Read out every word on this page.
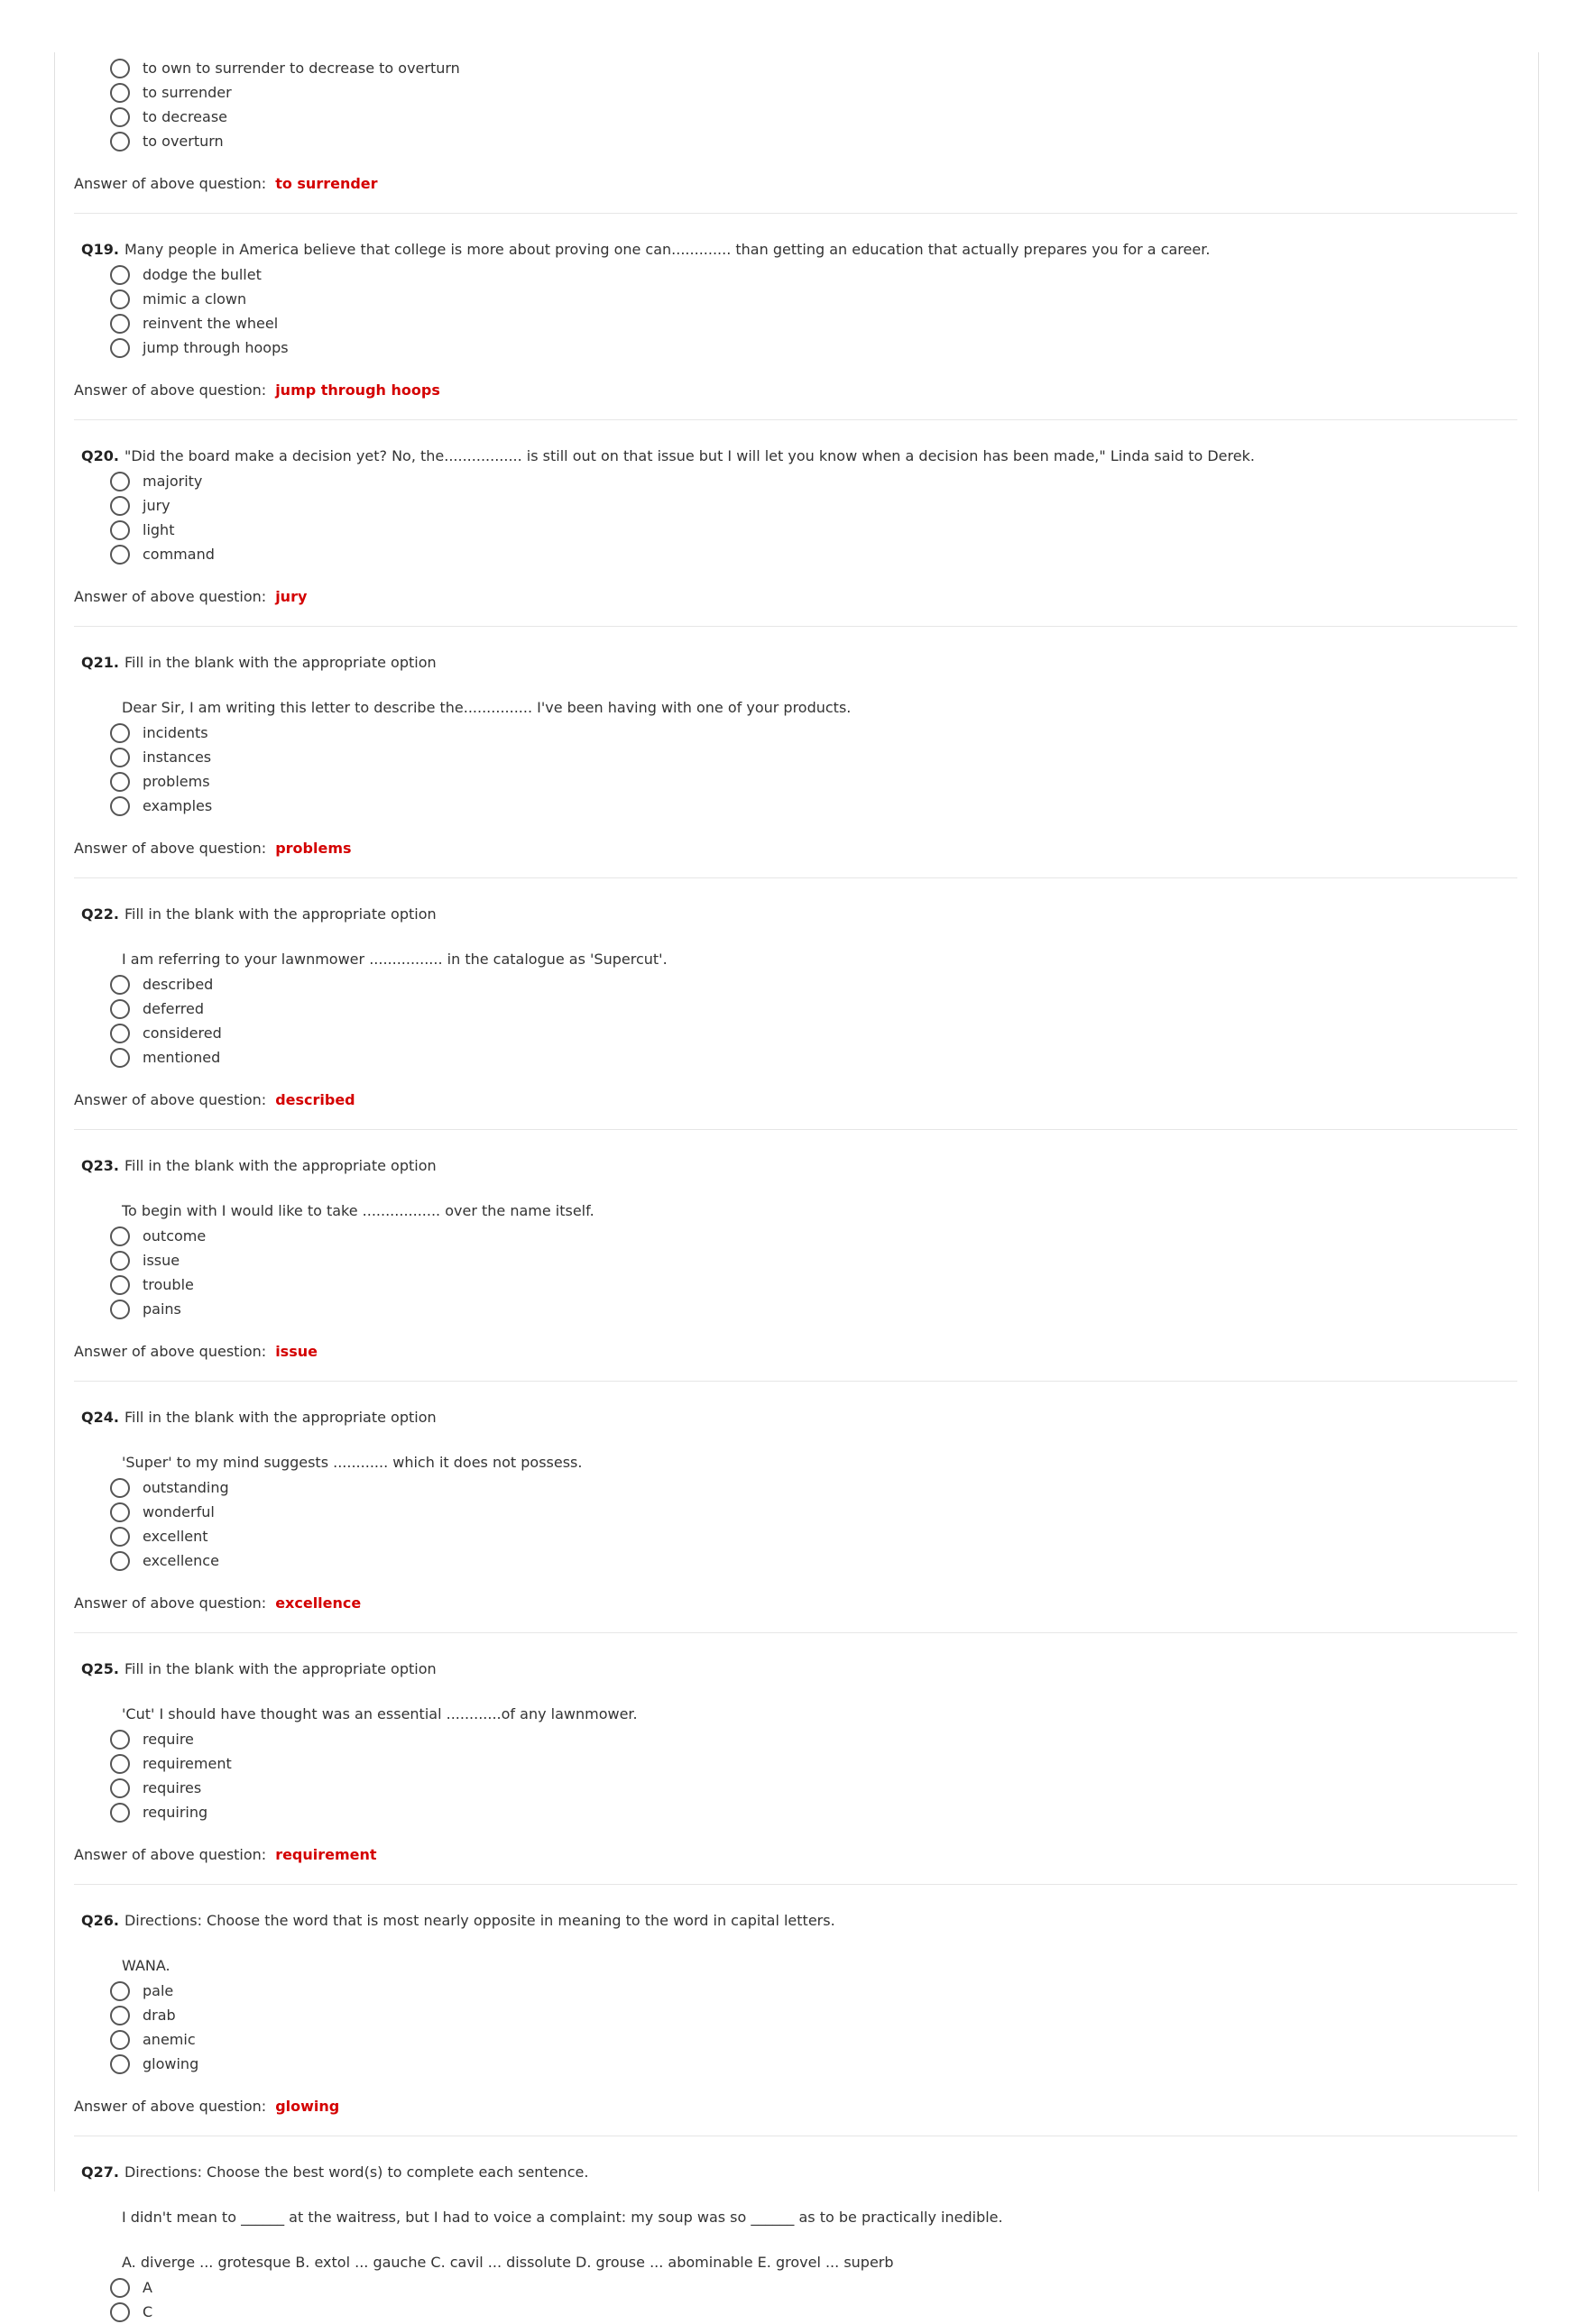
to own to surrender to decrease to overturn
to surrender
to decrease
to overturn
Answer of above question: to surrender
Q19. Many people in America believe that college is more about proving one can............. than getting an education that actually prepares you for a career.
dodge the bullet
mimic a clown
reinvent the wheel
jump through hoops
Answer of above question: jump through hoops
Q20. "Did the board make a decision yet? No, the................. is still out on that issue but I will let you know when a decision has been made," Linda said to Derek.
majority
jury
light
command
Answer of above question: jury
Q21. Fill in the blank with the appropriate option
Dear Sir, I am writing this letter to describe the............... I've been having with one of your products.
incidents
instances
problems
examples
Answer of above question: problems
Q22. Fill in the blank with the appropriate option
I am referring to your lawnmower ................ in the catalogue as 'Supercut'.
described
deferred
considered
mentioned
Answer of above question: described
Q23. Fill in the blank with the appropriate option
To begin with I would like to take ................. over the name itself.
outcome
issue
trouble
pains
Answer of above question: issue
Q24. Fill in the blank with the appropriate option
'Super' to my mind suggests ............ which it does not possess.
outstanding
wonderful
excellent
excellence
Answer of above question: excellence
Q25. Fill in the blank with the appropriate option
'Cut' I should have thought was an essential ............of any lawnmower.
require
requirement
requires
requiring
Answer of above question: requirement
Q26. Directions: Choose the word that is most nearly opposite in meaning to the word in capital letters.
WANA.
pale
drab
anemic
glowing
Answer of above question: glowing
Q27. Directions: Choose the best word(s) to complete each sentence.
I didn't mean to ______ at the waitress, but I had to voice a complaint: my soup was so ______ as to be practically inedible.
A. diverge ... grotesque B. extol ... gauche C. cavil ... dissolute D. grouse ... abominable E. grovel ... superb
A
C
